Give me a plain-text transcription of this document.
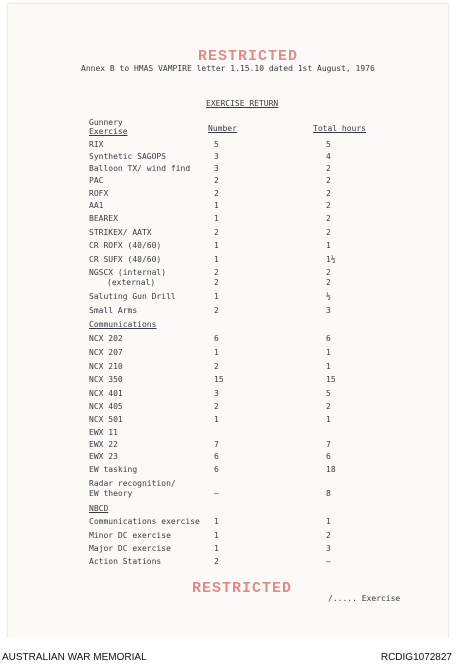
RESTRICTED
Annex B to HMAS VAMPIRE letter 1.15.10 dated 1st August, 1976
EXERCISE RETURN
Gunnery
Exercise	Number	Total hours
RIX	5	5
Synthetic SAGOPS	3	4
Balloon TX/ wind find	3	2
PAC	2	2
ROFX	2	2
AA1	1	2
BEAREX	1	2
STRIKEX/ AATX	2	2
CR ROFX (40/60)	1	1
CR SUFX (40/60)	1	1½
NGSCX (internal)	2	2
(external)	2	2
Saluting Gun Drill	1	½
Small Arms	2	3
Communications
NCX 202	6	6
NCX 207	1	1
NCX 210	2	1
NCX 350	15	15
NCX 401	3	5
NCX 405	2	2
NCX 501	1	1
EWX 11
EWX 22	7	7
EWX 23	6	6
EW tasking	6	18
Radar recognition/
EW theory	–	8
NBCD
Communications exercise 1	1
Minor DC exercise	1	2
Major DC exercise	1	3
Action Stations	2	–
RESTRICTED
/..... Exercise
AUSTRALIAN WAR MEMORIAL	RCDIG1072827
